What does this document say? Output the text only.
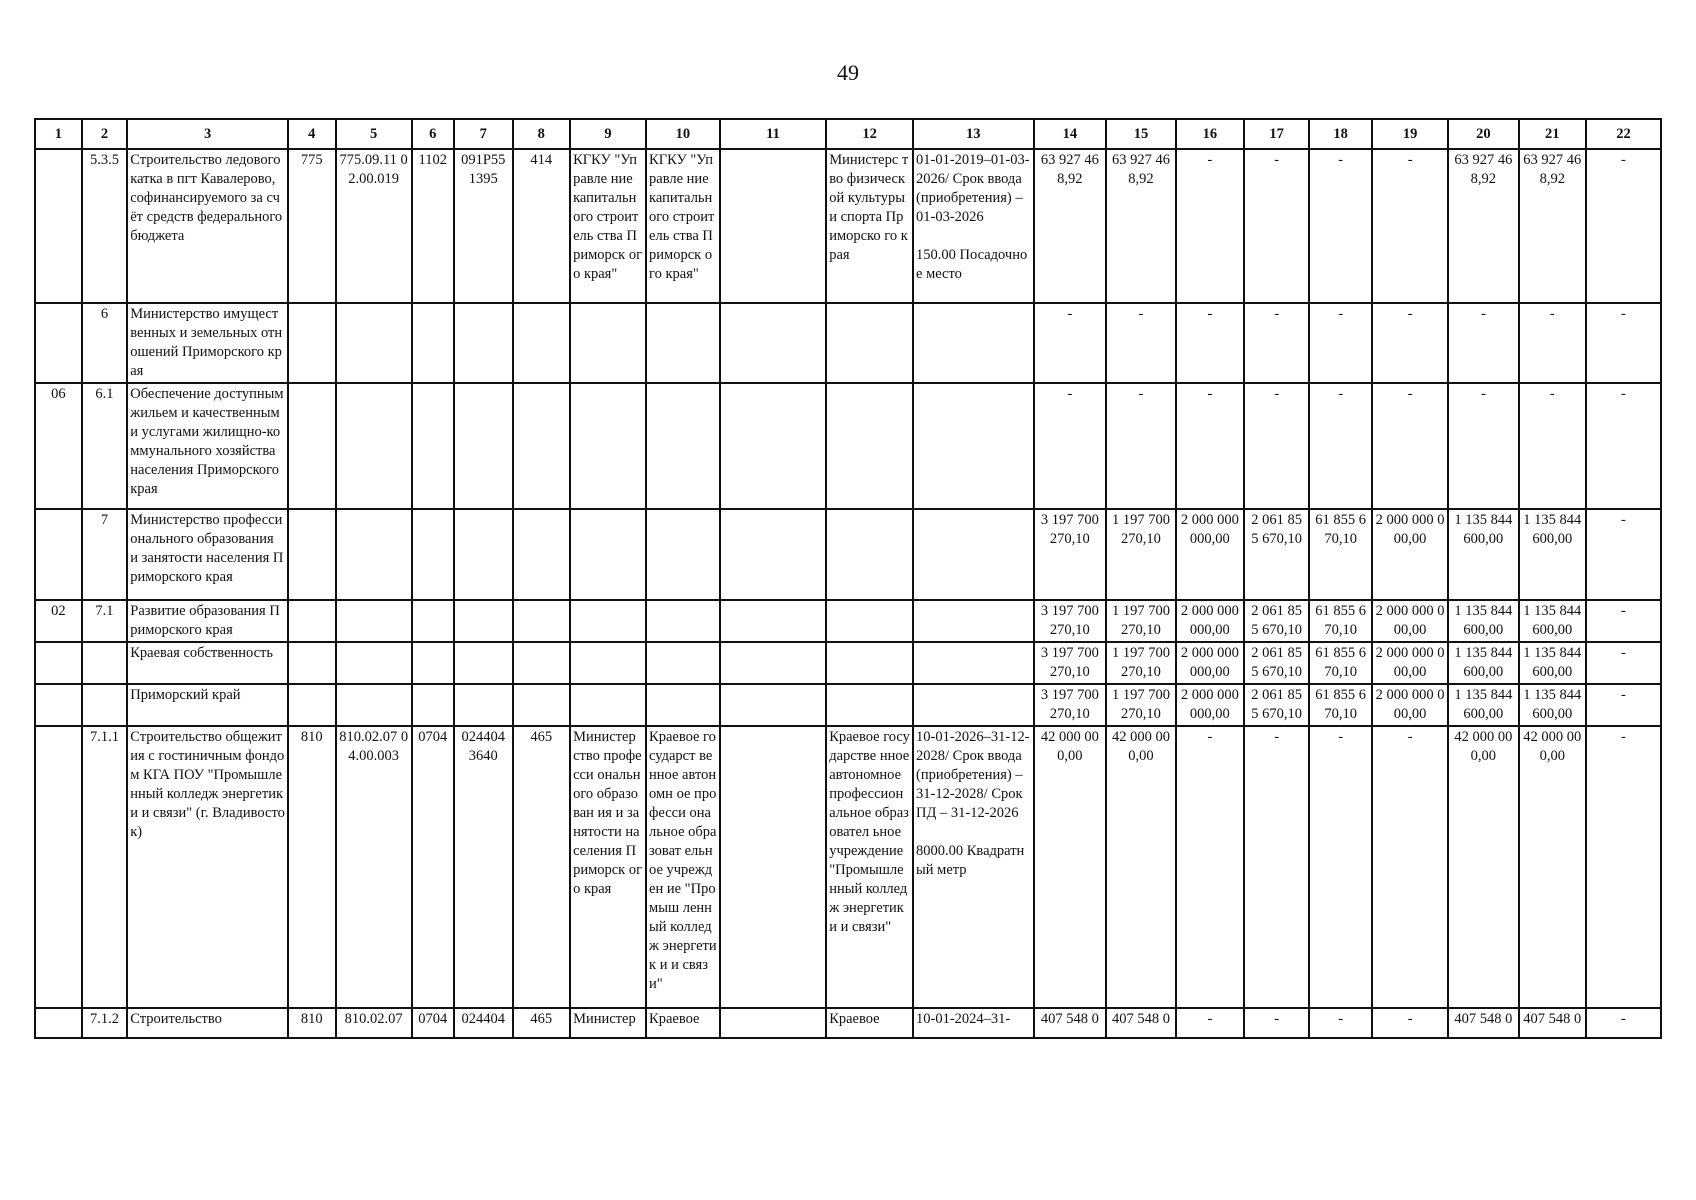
49
1	2	3	4	5	6	7	8	9	10	11	12	13	14	15	16	17	18	19	20	21	22
	5.3.5	Строительство ледового катка в пгт Кавалерово, софинансируемого за счёт средств федерального бюджета	775	775.09.11 02.00.019	1102	091P55 1395	414	КГКУ "Управле ние капитальн ого строитель ства Приморск ого края"	КГКУ "Управле ние капитальн ого строитель ства Приморск ого края"		Министерс тво физической культуры и спорта Приморско го края	01-01-2019–01-03-2026/ Срок ввода (приобретения) – 01-03-2026

150.00 Посадочное место	63 927 46 8,92	63 927 46 8,92	-	-	-	-	63 927 46 8,92	63 927 46 8,92	-
	6	Министерство имущественных и земельных отношений Приморского края											-	-	-	-	-	-	-	-	-
06	6.1	Обеспечение доступным жильем и качественными услугами жилищно-коммунального хозяйства населения Приморского края											-	-	-	-	-	-	-	-	-
	7	Министерство профессионального образования и занятости населения Приморского края											3 197 700 270,10	1 197 700 270,10	2 000 000 000,00	2 061 85 5 670,10	61 855 6 70,10	2 000 000 000,00	1 135 844 600,00	1 135 844 600,00	-
02	7.1	Развитие образования Приморского края											3 197 700 270,10	1 197 700 270,10	2 000 000 000,00	2 061 85 5 670,10	61 855 6 70,10	2 000 000 000,00	1 135 844 600,00	1 135 844 600,00	-
		Краевая собственность											3 197 700 270,10	1 197 700 270,10	2 000 000 000,00	2 061 85 5 670,10	61 855 6 70,10	2 000 000 000,00	1 135 844 600,00	1 135 844 600,00	-
		Приморский край											3 197 700 270,10	1 197 700 270,10	2 000 000 000,00	2 061 85 5 670,10	61 855 6 70,10	2 000 000 000,00	1 135 844 600,00	1 135 844 600,00	-
	7.1.1	Строительство общежития с гостиничным фондом КГА ПОУ "Промышленный колледж энергетики и связи" (г. Владивосток)	810	810.02.07 04.00.003	0704	024404 3640	465	Министер ство професси онального образован ия и занятости населения Приморск ого края	Краевое государст венное автономн ое професси ональное образоват ельное учрежден ие "Промыш ленный колледж энергетик и и связи"		Краевое государстве нное автономное профессион альное образовател ьное учреждение "Промышле нный колледж энергетики и связи"	10-01-2026–31-12-2028/ Срок ввода (приобретения) – 31-12-2028/ Срок ПД – 31-12-2026

8000.00 Квадратный метр	42 000 00 0,00	42 000 00 0,00	-	-	-	-	42 000 00 0,00	42 000 00 0,00	-
	7.1.2	Строительство	810	810.02.07	0704	024404	465	Министер	Краевое		Краевое	10-01-2024–31-	407 548 0	407 548 0	-	-	-	-	407 548 0	407 548 0	-
